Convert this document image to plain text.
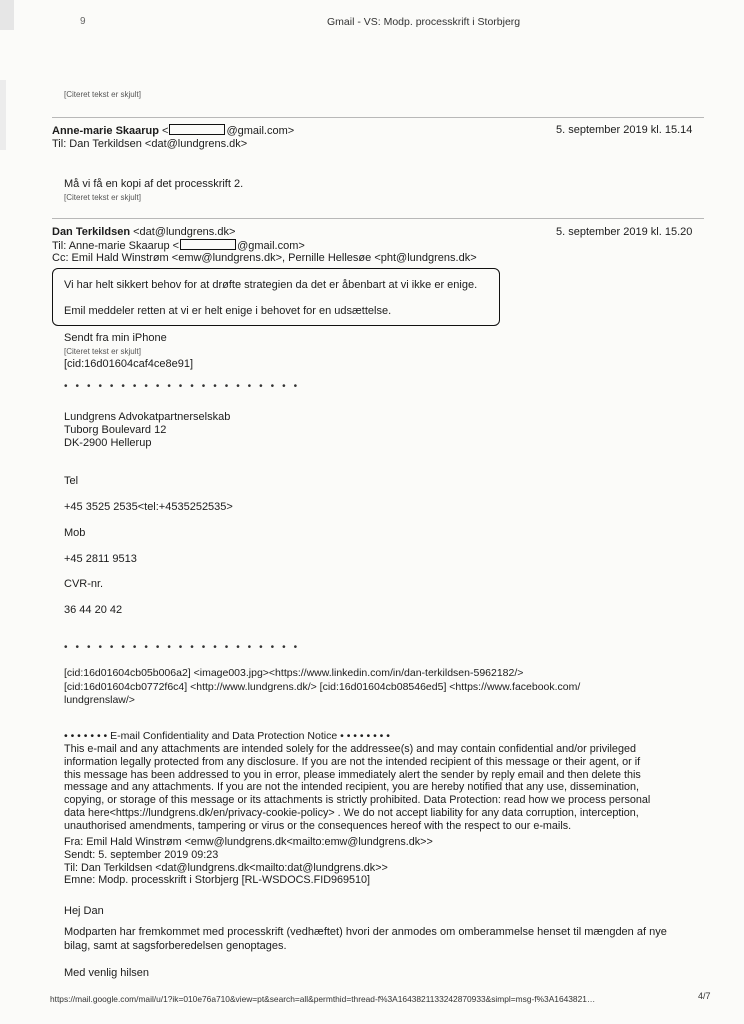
9	Gmail - VS: Modp. processkrift i Storbjerg
[Citeret tekst er skjult]
Anne-marie Skaarup <	@gmail.com>	5. september 2019 kl. 15.14
Til: Dan Terkildsen <dat@lundgrens.dk>
Må vi få en kopi af det processkrift 2.
[Citeret tekst er skjult]
Dan Terkildsen <dat@lundgrens.dk>	5. september 2019 kl. 15.20
Til: Anne-marie Skaarup <	@gmail.com>
Cc: Emil Hald Winstrøm <emw@lundgrens.dk>, Pernille Hellesøe <pht@lundgrens.dk>
Vi har helt sikkert behov for at drøfte strategien da det er åbenbart at vi ikke er enige.
Emil meddeler retten at vi er helt enige i behovet for en udsættelse.
Sendt fra min iPhone
[Citeret tekst er skjult]
[cid:16d01604caf4ce8e91]
• • • • • • • • • • • • • • • • • • • • •
Lundgrens Advokatpartnerselskab
Tuborg Boulevard 12
DK-2900 Hellerup
Tel
+45 3525 2535<tel:+4535252535>
Mob
+45 2811 9513
CVR-nr.
36 44 20 42
• • • • • • • • • • • • • • • • • • • • •
[cid:16d01604cb05b006a2] <image003.jpg><https://www.linkedin.com/in/dan-terkildsen-5962182/>
[cid:16d01604cb0772f6c4] <http://www.lundgrens.dk/> [cid:16d01604cb08546ed5] <https://www.facebook.com/
lundgrenslaw/>
• • • • • • • E-mail Confidentiality and Data Protection Notice • • • • • • • •
This e-mail and any attachments are intended solely for the addressee(s) and may contain confidential and/or privileged
information legally protected from any disclosure. If you are not the intended recipient of this message or their agent, or if
this message has been addressed to you in error, please immediately alert the sender by reply email and then delete this
message and any attachments. If you are not the intended recipient, you are hereby notified that any use, dissemination,
copying, or storage of this message or its attachments is strictly prohibited. Data Protection: read how we process personal
data here<https://lundgrens.dk/en/privacy-cookie-policy> . We do not accept liability for any data corruption, interception,
unauthorised amendments, tampering or virus or the consequences hereof with the respect to our e-mails.
Fra: Emil Hald Winstrøm <emw@lundgrens.dk<mailto:emw@lundgrens.dk>>
Sendt: 5. september 2019 09:23
Til: Dan Terkildsen <dat@lundgrens.dk<mailto:dat@lundgrens.dk>>
Emne: Modp. processkrift i Storbjerg [RL-WSDOCS.FID969510]
Hej Dan
Modparten har fremkommet med processkrift (vedhæftet) hvori der anmodes om omberammelse henset til mængden af nye
bilag, samt at sagsforberedelsen genoptages.
Med venlig hilsen
https://mail.google.com/mail/u/1?ik=010e76a710&view=pt&search=all&permthid=thread-f%3A1643821133242870933&simpl=msg-f%3A1643821…	4/7
